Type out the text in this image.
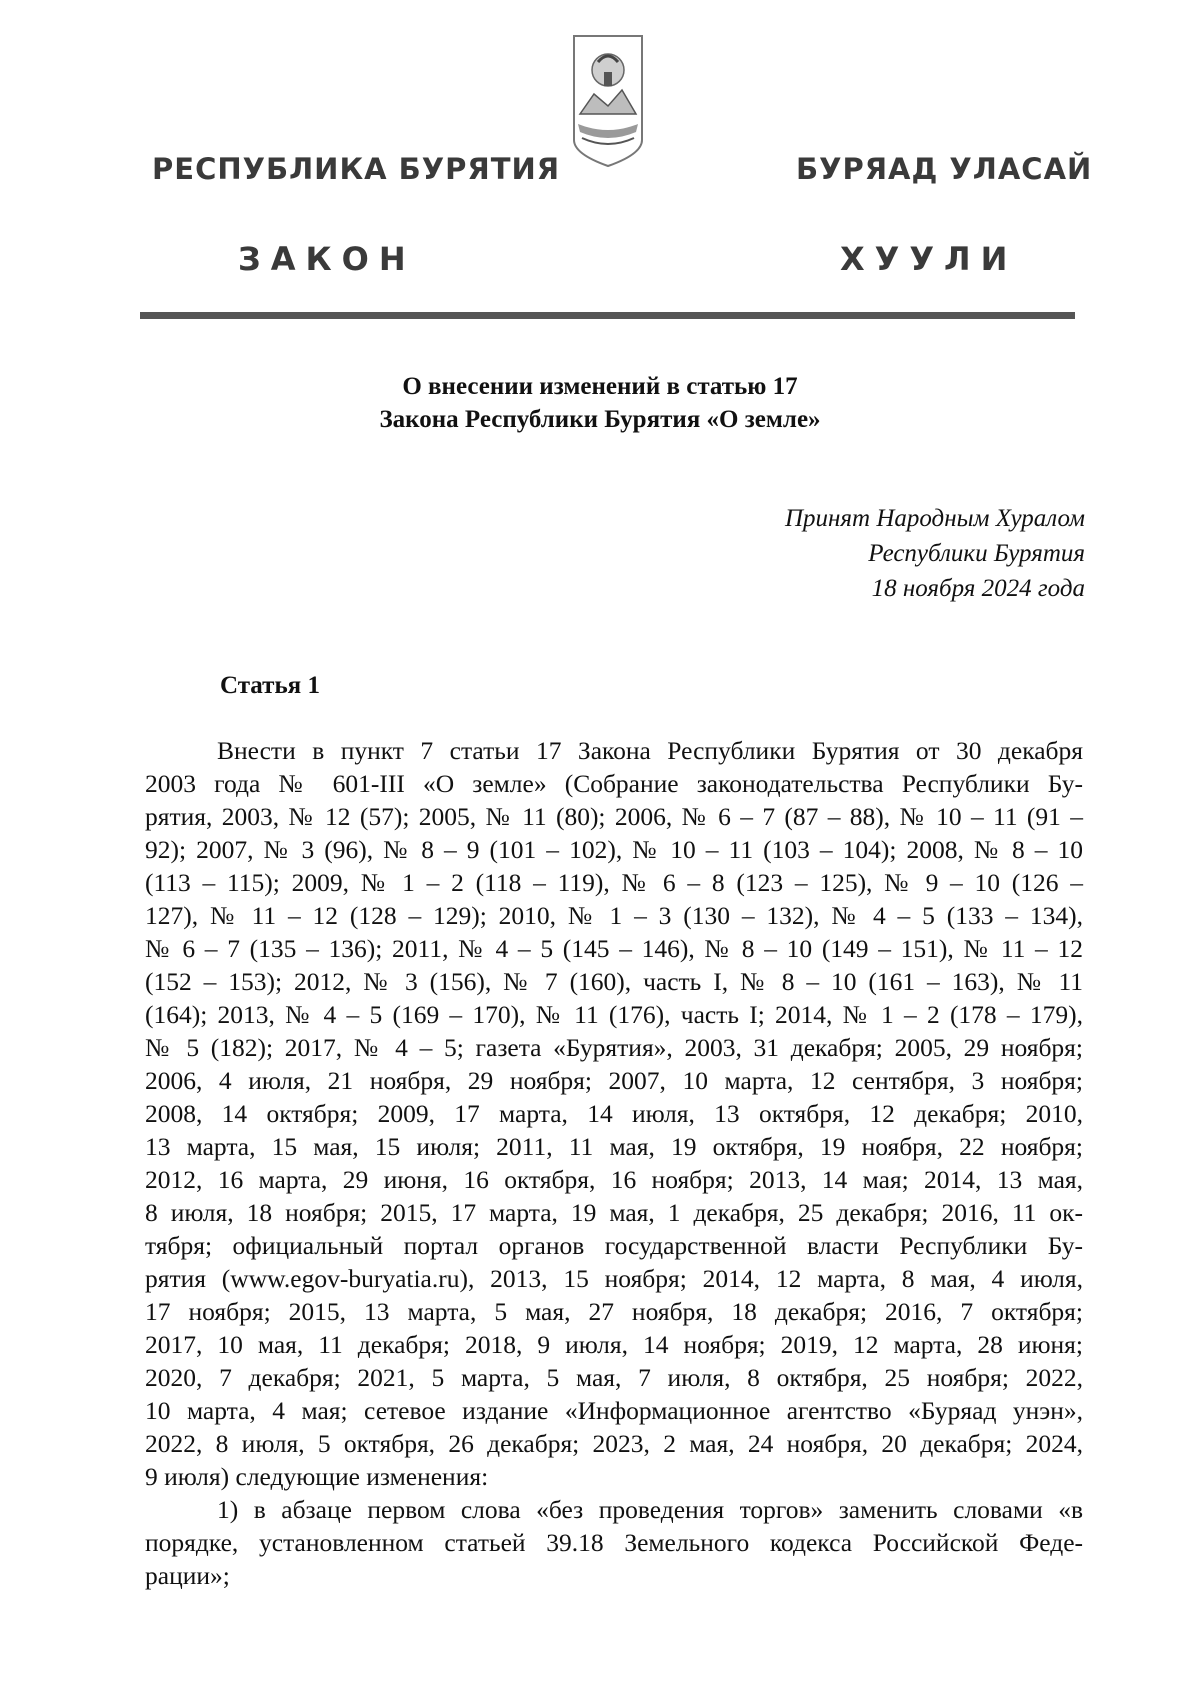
РЕСПУБЛИКА БУРЯТИЯ	БУРЯАД УЛАСАЙ
ЗАКОН	ХУУЛИ
О внесении изменений в статью 17
Закона Республики Бурятия «О земле»
Принят Народным Хуралом
Республики Бурятия
18 ноября 2024 года
Статья 1
Внести в пункт 7 статьи 17 Закона Республики Бурятия от 30 декабря
2003 года № 601-III «О земле» (Собрание законодательства Республики Бу-
рятия, 2003, № 12 (57); 2005, № 11 (80); 2006, № 6 – 7 (87 – 88), № 10 – 11 (91 –
92); 2007, № 3 (96), № 8 – 9 (101 – 102), № 10 – 11 (103 – 104); 2008, № 8 – 10
(113 – 115); 2009, № 1 – 2 (118 – 119), № 6 – 8 (123 – 125), № 9 – 10 (126 –
127), № 11 – 12 (128 – 129); 2010, № 1 – 3 (130 – 132), № 4 – 5 (133 – 134),
№ 6 – 7 (135 – 136); 2011, № 4 – 5 (145 – 146), № 8 – 10 (149 – 151), № 11 – 12
(152 – 153); 2012, № 3 (156), № 7 (160), часть I, № 8 – 10 (161 – 163), № 11
(164); 2013, № 4 – 5 (169 – 170), № 11 (176), часть I; 2014, № 1 – 2 (178 – 179),
№ 5 (182); 2017, № 4 – 5; газета «Бурятия», 2003, 31 декабря; 2005, 29 ноября;
2006, 4 июля, 21 ноября, 29 ноября; 2007, 10 марта, 12 сентября, 3 ноября;
2008, 14 октября; 2009, 17 марта, 14 июля, 13 октября, 12 декабря; 2010,
13 марта, 15 мая, 15 июля; 2011, 11 мая, 19 октября, 19 ноября, 22 ноября;
2012, 16 марта, 29 июня, 16 октября, 16 ноября; 2013, 14 мая; 2014, 13 мая,
8 июля, 18 ноября; 2015, 17 марта, 19 мая, 1 декабря, 25 декабря; 2016, 11 ок-
тября; официальный портал органов государственной власти Республики Бу-
рятия (www.egov-buryatia.ru), 2013, 15 ноября; 2014, 12 марта, 8 мая, 4 июля,
17 ноября; 2015, 13 марта, 5 мая, 27 ноября, 18 декабря; 2016, 7 октября;
2017, 10 мая, 11 декабря; 2018, 9 июля, 14 ноября; 2019, 12 марта, 28 июня;
2020, 7 декабря; 2021, 5 марта, 5 мая, 7 июля, 8 октября, 25 ноября; 2022,
10 марта, 4 мая; сетевое издание «Информационное агентство «Буряад унэн»,
2022, 8 июля, 5 октября, 26 декабря; 2023, 2 мая, 24 ноября, 20 декабря; 2024,
9 июля) следующие изменения:
1) в абзаце первом слова «без проведения торгов» заменить словами «в
порядке, установленном статьей 39.18 Земельного кодекса Российской Феде-
рации»;
